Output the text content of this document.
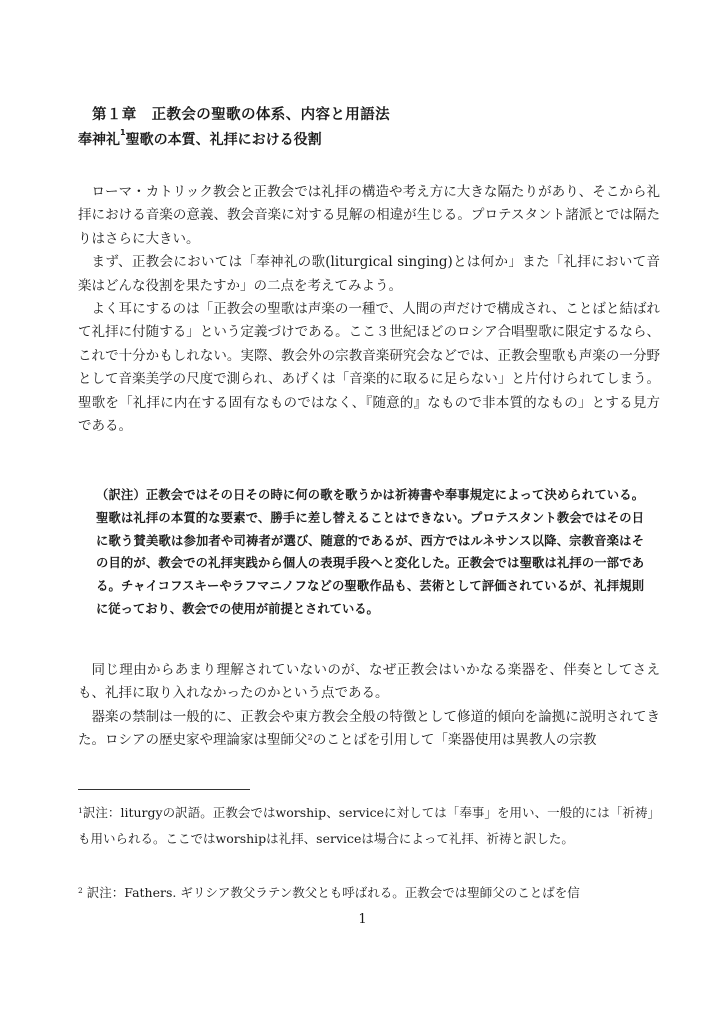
第１章　正教会の聖歌の体系、内容と用語法
奉神礼$^1$聖歌の本質、礼拝における役割

ローマ・カトリック教会と正教会では礼拝の構造や考え方に大きな隔たりがあり、そこから礼拝における音楽の意義、教会音楽に対する見解の相違が生じる。プロテスタント諸派とでは隔たりはさらに大きい。

まず、正教会においては「奉神礼の歌(liturgical singing)とは何か」また「礼拝において音楽はどんな役割を果たすか」の二点を考えてみよう。

よく耳にするのは「正教会の聖歌は声楽の一種で、人間の声だけで構成され、ことばと結ばれて礼拝に付随する」という定義づけである。ここ３世紀ほどのロシア合唱聖歌に限定するなら、これで十分かもしれない。実際、教会外の宗教音楽研究会などでは、正教会聖歌も声楽の一分野として音楽美学の尺度で測られ、あげくは「音楽的に取るに足らない」と片付けられてしまう。聖歌を「礼拝に内在する固有なものではなく、『随意的』なもので非本質的なもの」とする見方である。

（訳注）正教会ではその日その時に何の歌を歌うかは祈祷書や奉事規定によって決められている。聖歌は礼拝の本質的な要素で、勝手に差し替えることはできない。プロテスタント教会ではその日に歌う賛美歌は参加者や司祷者が選び、随意的であるが、西方ではルネサンス以降、宗教音楽はその目的が、教会での礼拝実践から個人の表現手段へと変化した。正教会では聖歌は礼拝の一部である。チャイコフスキーやラフマニノフなどの聖歌作品も、芸術として評価されているが、礼拝規則に従っており、教会での使用が前提とされている。

同じ理由からあまり理解されていないのが、なぜ正教会はいかなる楽器を、伴奏としてさえも、礼拝に取り入れなかったのかという点である。

器楽の禁制は一般的に、正教会や東方教会全般の特徴として修道的傾向を論拠に説明されてきた。ロシアの歴史家や理論家は聖師父²のことばを引用して「楽器使用は異教人の宗教

$^1$訳注：liturgyの訳語。正教会ではworship、serviceに対しては「奉事」を用い、一般的には「祈祷」も用いられる。ここではworshipは礼拝、serviceは場合によって礼拝、祈祷と訳した。
$^2$ 訳注：Fathers. ギリシア教父ラテン教父とも呼ばれる。正教会では聖師父のことばを信
1
